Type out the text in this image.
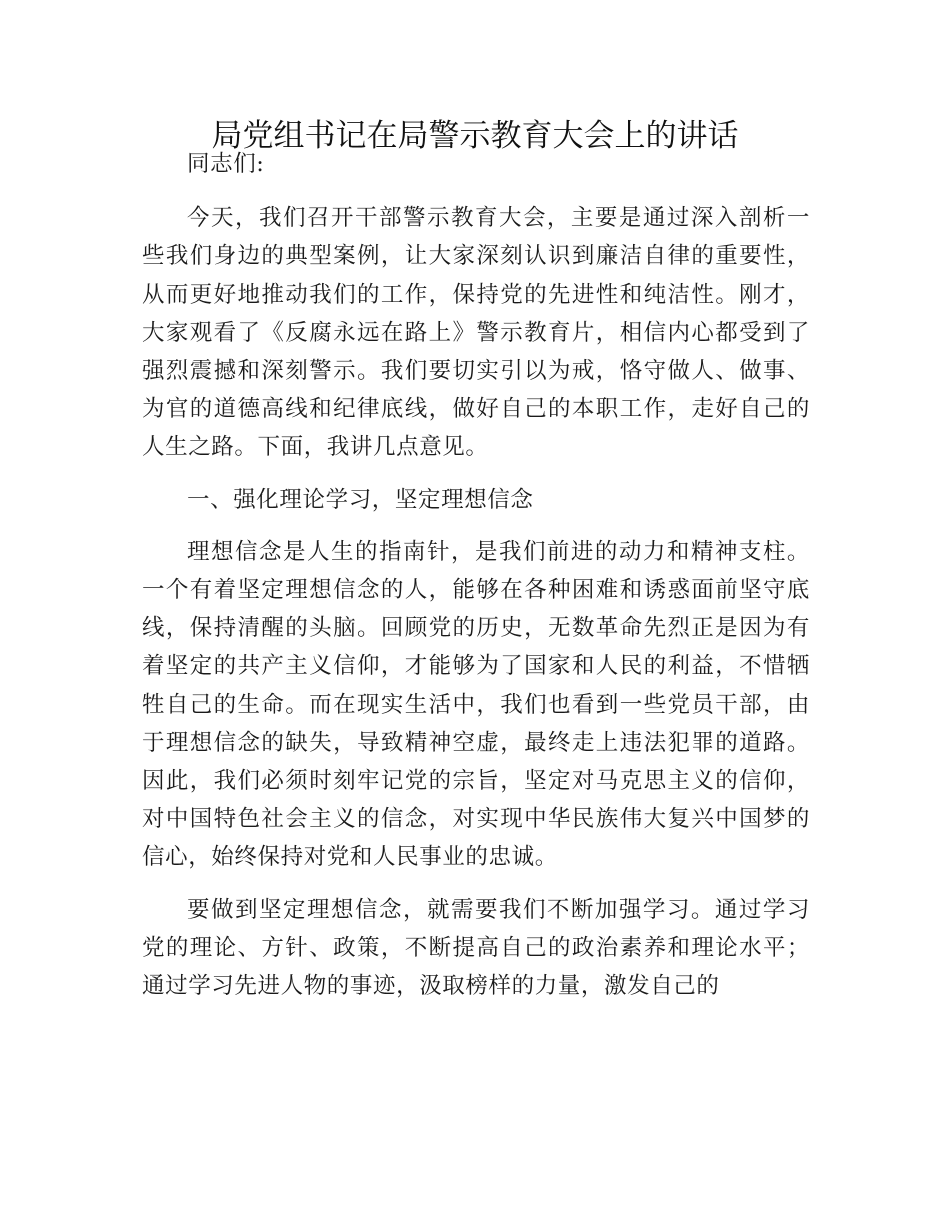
局党组书记在局警示教育大会上的讲话

同志们:

今天，我们召开干部警示教育大会，主要是通过深入剖析一些我们身边的典型案例，让大家深刻认识到廉洁自律的重要性，从而更好地推动我们的工作，保持党的先进性和纯洁性。刚才，大家观看了《反腐永远在路上》警示教育片，相信内心都受到了强烈震撼和深刻警示。我们要切实引以为戒，恪守做人、做事、为官的道德高线和纪律底线，做好自己的本职工作，走好自己的人生之路。下面，我讲几点意见。

一、强化理论学习，坚定理想信念

理想信念是人生的指南针，是我们前进的动力和精神支柱。一个有着坚定理想信念的人，能够在各种困难和诱惑面前坚守底线，保持清醒的头脑。回顾党的历史，无数革命先烈正是因为有着坚定的共产主义信仰，才能够为了国家和人民的利益，不惜牺牲自己的生命。而在现实生活中，我们也看到一些党员干部，由于理想信念的缺失，导致精神空虚，最终走上违法犯罪的道路。因此，我们必须时刻牢记党的宗旨，坚定对马克思主义的信仰，对中国特色社会主义的信念，对实现中华民族伟大复兴中国梦的信心，始终保持对党和人民事业的忠诚。

要做到坚定理想信念，就需要我们不断加强学习。通过学习党的理论、方针、政策，不断提高自己的政治素养和理论水平；通过学习先进人物的事迹，汲取榜样的力量，激发自己的
